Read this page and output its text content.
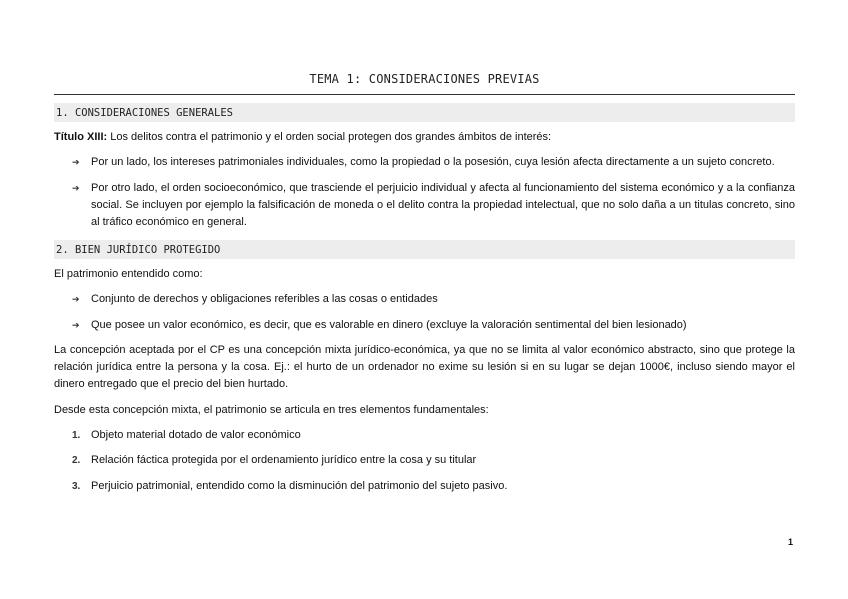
TEMA 1: CONSIDERACIONES PREVIAS
1. CONSIDERACIONES GENERALES
Título XIII: Los delitos contra el patrimonio y el orden social protegen dos grandes ámbitos de interés:
➔	Por un lado, los intereses patrimoniales individuales, como la propiedad o la posesión, cuya lesión afecta directamente a un sujeto concreto.
➔	Por otro lado, el orden socioeconómico, que trasciende el perjuicio individual y afecta al funcionamiento del sistema económico y a la confianza social. Se incluyen por ejemplo la falsificación de moneda o el delito contra la propiedad intelectual, que no solo daña a un titulas concreto, sino al tráfico económico en general.
2. BIEN JURÍDICO PROTEGIDO
El patrimonio entendido como:
➔	Conjunto de derechos y obligaciones referibles a las cosas o entidades
➔	Que posee un valor económico, es decir, que es valorable en dinero (excluye la valoración sentimental del bien lesionado)
La concepción aceptada por el CP es una concepción mixta jurídico-económica, ya que no se limita al valor económico abstracto, sino que protege la relación jurídica entre la persona y la cosa. Ej.: el hurto de un ordenador no exime su lesión si en su lugar se dejan 1000€, incluso siendo mayor el dinero entregado que el precio del bien hurtado.
Desde esta concepción mixta, el patrimonio se articula en tres elementos fundamentales:
1. Objeto material dotado de valor económico
2. Relación fáctica protegida por el ordenamiento jurídico entre la cosa y su titular
3. Perjuicio patrimonial, entendido como la disminución del patrimonio del sujeto pasivo.
1
